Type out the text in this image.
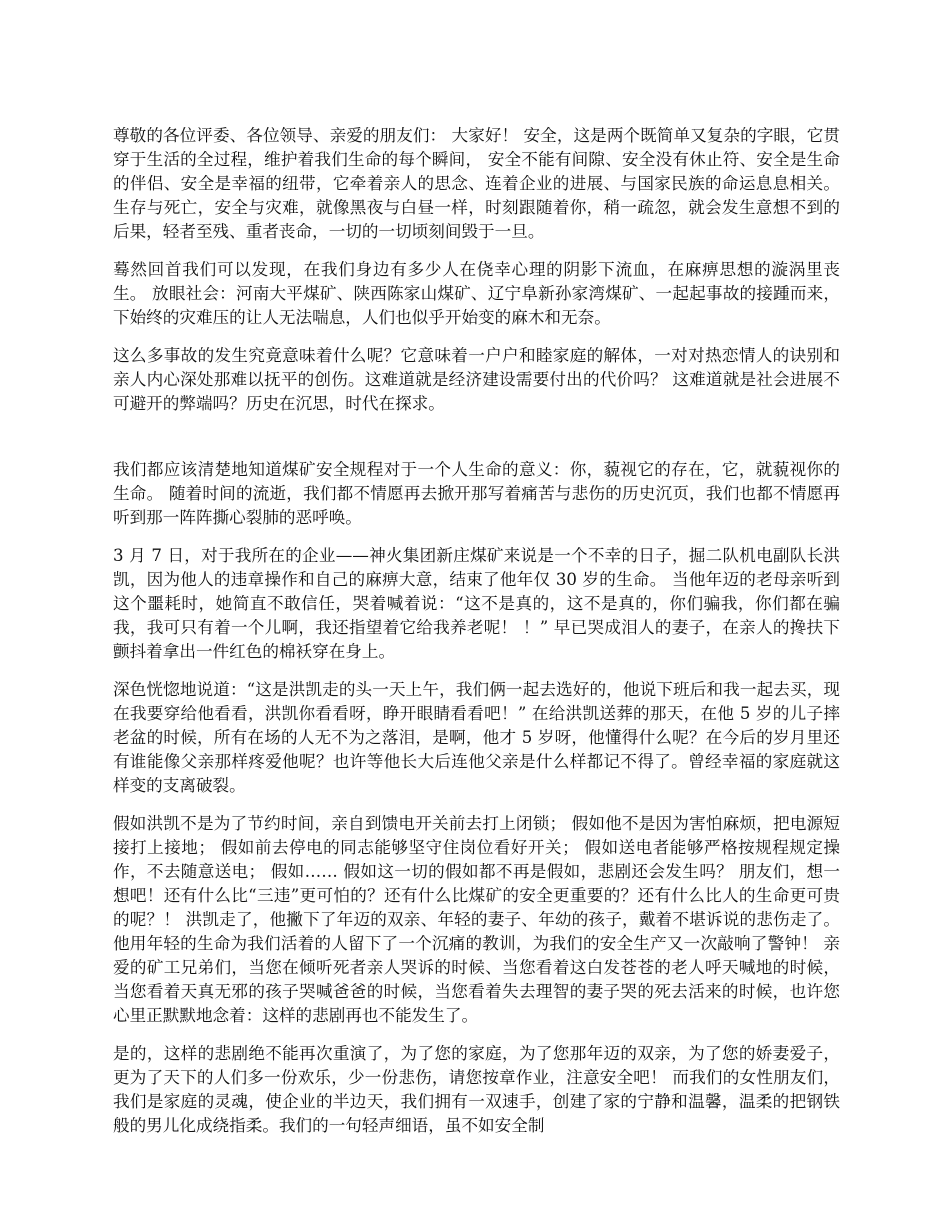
尊敬的各位评委、各位领导、亲爱的朋友们： 大家好！ 安全，这是两个既简单又复杂的字眼，它贯穿于生活的全过程，维护着我们生命的每个瞬间， 安全不能有间隙、安全没有休止符、安全是生命的伴侣、安全是幸福的纽带，它牵着亲人的思念、连着企业的进展、与国家民族的命运息息相关。生存与死亡，安全与灾难，就像黑夜与白昼一样，时刻跟随着你，稍一疏忽，就会发生意想不到的后果，轻者至残、重者丧命，一切的一切顷刻间毁于一旦。

蓦然回首我们可以发现，在我们身边有多少人在侥幸心理的阴影下流血，在麻痹思想的漩涡里丧生。 放眼社会：河南大平煤矿、陕西陈家山煤矿、辽宁阜新孙家湾煤矿、一起起事故的接踵而来，下始终的灾难压的让人无法喘息，人们也似乎开始变的麻木和无奈。

这么多事故的发生究竟意味着什么呢？它意味着一户户和睦家庭的解体，一对对热恋情人的诀别和亲人内心深处那难以抚平的创伤。这难道就是经济建设需要付出的代价吗？ 这难道就是社会进展不可避开的弊端吗？历史在沉思，时代在探求。

我们都应该清楚地知道煤矿安全规程对于一个人生命的意义：你，藐视它的存在，它，就藐视你的生命。 随着时间的流逝，我们都不情愿再去掀开那写着痛苦与悲伤的历史沉页，我们也都不情愿再听到那一阵阵撕心裂肺的恶呼唤。

3 月 7 日，对于我所在的企业——神火集团新庄煤矿来说是一个不幸的日子，掘二队机电副队长洪凯，因为他人的违章操作和自己的麻痹大意，结束了他年仅 30 岁的生命。 当他年迈的老母亲听到这个噩耗时，她简直不敢信任，哭着喊着说：“这不是真的，这不是真的，你们骗我，你们都在骗我，我可只有着一个儿啊，我还指望着它给我养老呢！ ！” 早已哭成泪人的妻子，在亲人的搀扶下颤抖着拿出一件红色的棉袄穿在身上。

深色恍惚地说道：“这是洪凯走的头一天上午，我们俩一起去选好的，他说下班后和我一起去买，现在我要穿给他看看，洪凯你看看呀，睁开眼睛看看吧！” 在给洪凯送葬的那天，在他 5 岁的儿子摔老盆的时候，所有在场的人无不为之落泪，是啊，他才 5 岁呀，他懂得什么呢？在今后的岁月里还有谁能像父亲那样疼爱他呢？也许等他长大后连他父亲是什么样都记不得了。曾经幸福的家庭就这样变的支离破裂。

假如洪凯不是为了节约时间，亲自到馈电开关前去打上闭锁； 假如他不是因为害怕麻烦，把电源短接打上接地； 假如前去停电的同志能够坚守住岗位看好开关； 假如送电者能够严格按规程规定操作，不去随意送电； 假如…… 假如这一切的假如都不再是假如，悲剧还会发生吗？ 朋友们，想一想吧！还有什么比“三违”更可怕的？还有什么比煤矿的安全更重要的？还有什么比人的生命更可贵的呢？！ 洪凯走了，他撇下了年迈的双亲、年轻的妻子、年幼的孩子，戴着不堪诉说的悲伤走了。他用年轻的生命为我们活着的人留下了一个沉痛的教训，为我们的安全生产又一次敲响了警钟！ 亲爱的矿工兄弟们，当您在倾听死者亲人哭诉的时候、当您看着这白发苍苍的老人呼天喊地的时候，当您看着天真无邪的孩子哭喊爸爸的时候，当您看着失去理智的妻子哭的死去活来的时候，也许您心里正默默地念着：这样的悲剧再也不能发生了。

是的，这样的悲剧绝不能再次重演了，为了您的家庭，为了您那年迈的双亲，为了您的娇妻爱子，更为了天下的人们多一份欢乐，少一份悲伤，请您按章作业，注意安全吧！ 而我们的女性朋友们，我们是家庭的灵魂，使企业的半边天，我们拥有一双速手，创建了家的宁静和温馨，温柔的把钢铁般的男儿化成绕指柔。我们的一句轻声细语，虽不如安全制
